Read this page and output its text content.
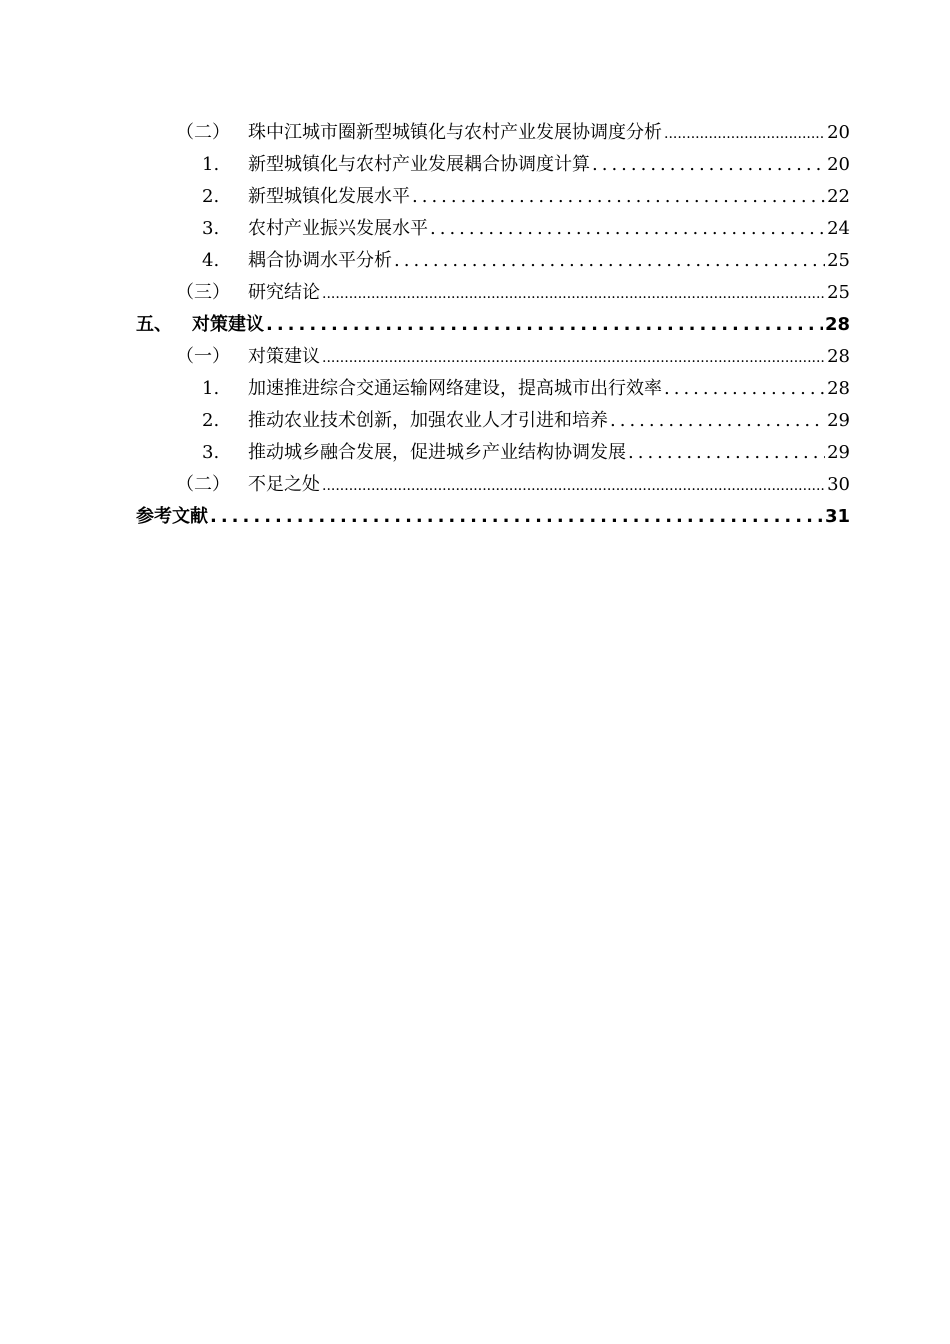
（二）	珠中江城市圈新型城镇化与农村产业发展协调度分析 .....	20
1.	新型城镇化与农村产业发展耦合协调度计算 .....	20
2.	新型城镇化发展水平 .....	22
3.	农村产业振兴发展水平 .....	24
4.	耦合协调水平分析 .....	25
（三）	研究结论 .....	25
五、	对策建议 .....	28
（一）	对策建议 .....	28
1.	加速推进综合交通运输网络建设，提高城市出行效率 .....	28
2.	推动农业技术创新，加强农业人才引进和培养 .....	29
3.	推动城乡融合发展，促进城乡产业结构协调发展 .....	29
（二）	不足之处 .....	30
参考文献 .....	31
